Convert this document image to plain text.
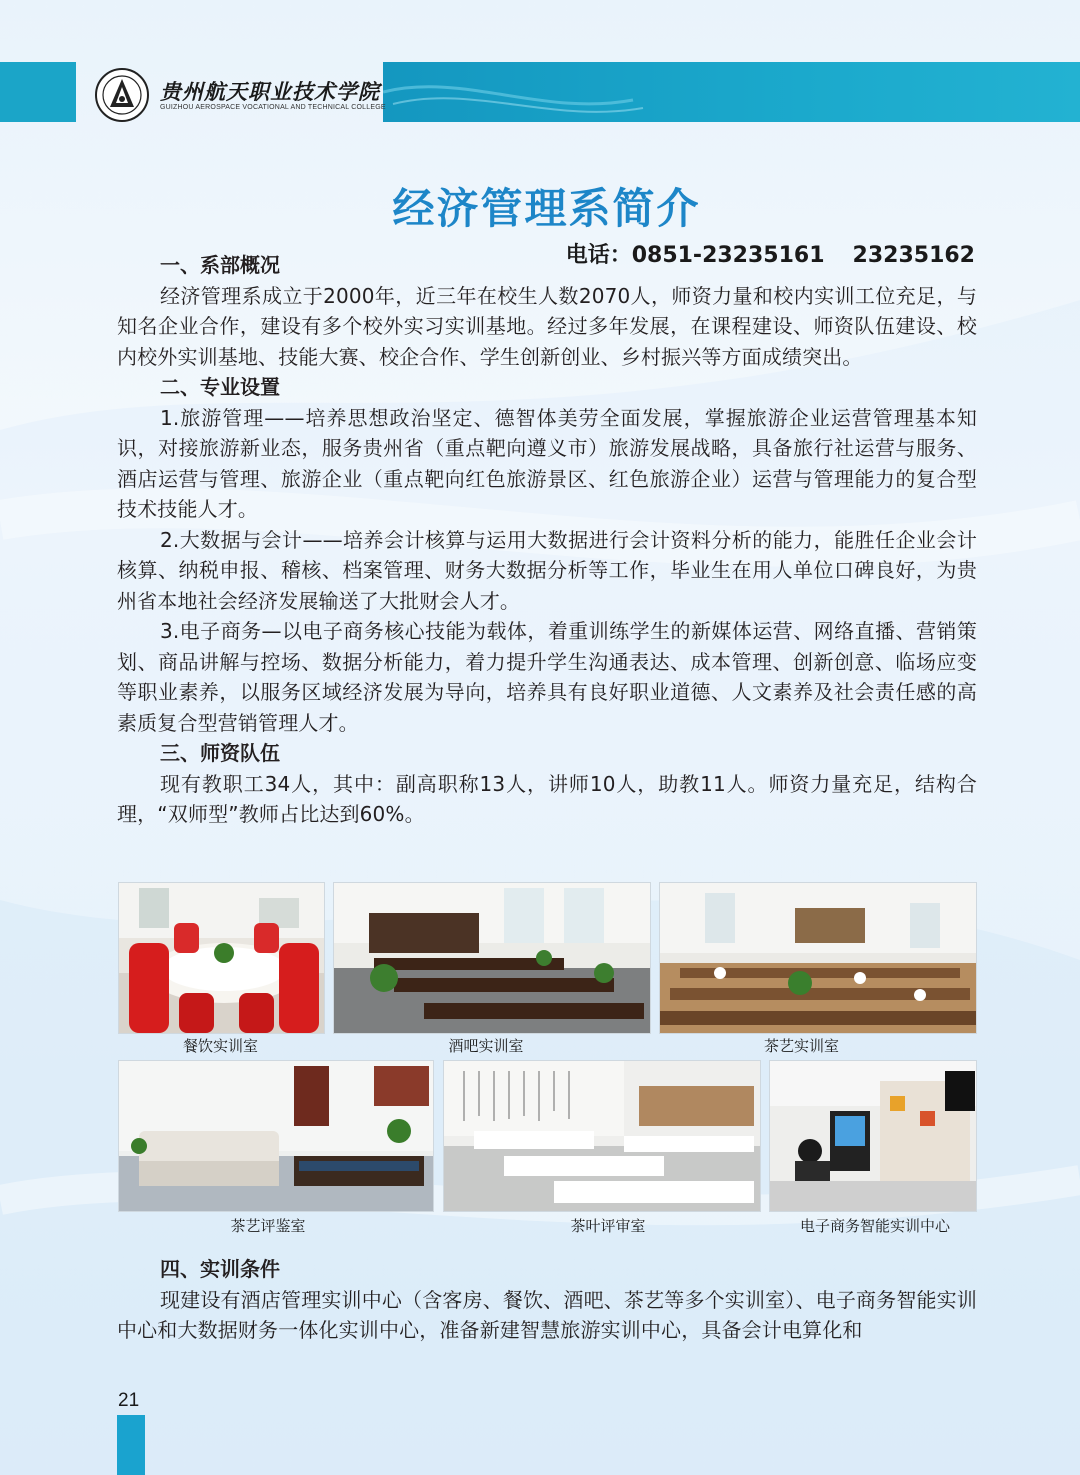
贵州航天职业技术学院
GUIZHOU AEROSPACE VOCATIONAL AND TECHNICAL COLLEGE
经济管理系简介
电话：0851-23235161 23235162

一、系部概况

经济管理系成立于2000年，近三年在校生人数2070人，师资力量和校内实训工位充足，与知名企业合作，建设有多个校外实习实训基地。经过多年发展，在课程建设、师资队伍建设、校内校外实训基地、技能大赛、校企合作、学生创新创业、乡村振兴等方面成绩突出。

二、专业设置

1.旅游管理——培养思想政治坚定、德智体美劳全面发展，掌握旅游企业运营管理基本知识，对接旅游新业态，服务贵州省（重点靶向遵义市）旅游发展战略，具备旅行社运营与服务、酒店运营与管理、旅游企业（重点靶向红色旅游景区、红色旅游企业）运营与管理能力的复合型技术技能人才。

2.大数据与会计——培养会计核算与运用大数据进行会计资料分析的能力，能胜任企业会计核算、纳税申报、稽核、档案管理、财务大数据分析等工作，毕业生在用人单位口碑良好，为贵州省本地社会经济发展输送了大批财会人才。

3.电子商务—以电子商务核心技能为载体，着重训练学生的新媒体运营、网络直播、营销策划、商品讲解与控场、数据分析能力，着力提升学生沟通表达、成本管理、创新创意、临场应变等职业素养，以服务区域经济发展为导向，培养具有良好职业道德、人文素养及社会责任感的高素质复合型营销管理人才。

三、师资队伍

现有教职工34人，其中：副高职称13人，讲师10人，助教11人。师资力量充足，结构合理，“双师型”教师占比达到60%。

餐饮实训室	酒吧实训室	茶艺实训室
茶艺评鉴室	茶叶评审室	电子商务智能实训中心

四、实训条件

现建设有酒店管理实训中心（含客房、餐饮、酒吧、茶艺等多个实训室）、电子商务智能实训中心和大数据财务一体化实训中心，准备新建智慧旅游实训中心，具备会计电算化和

21
